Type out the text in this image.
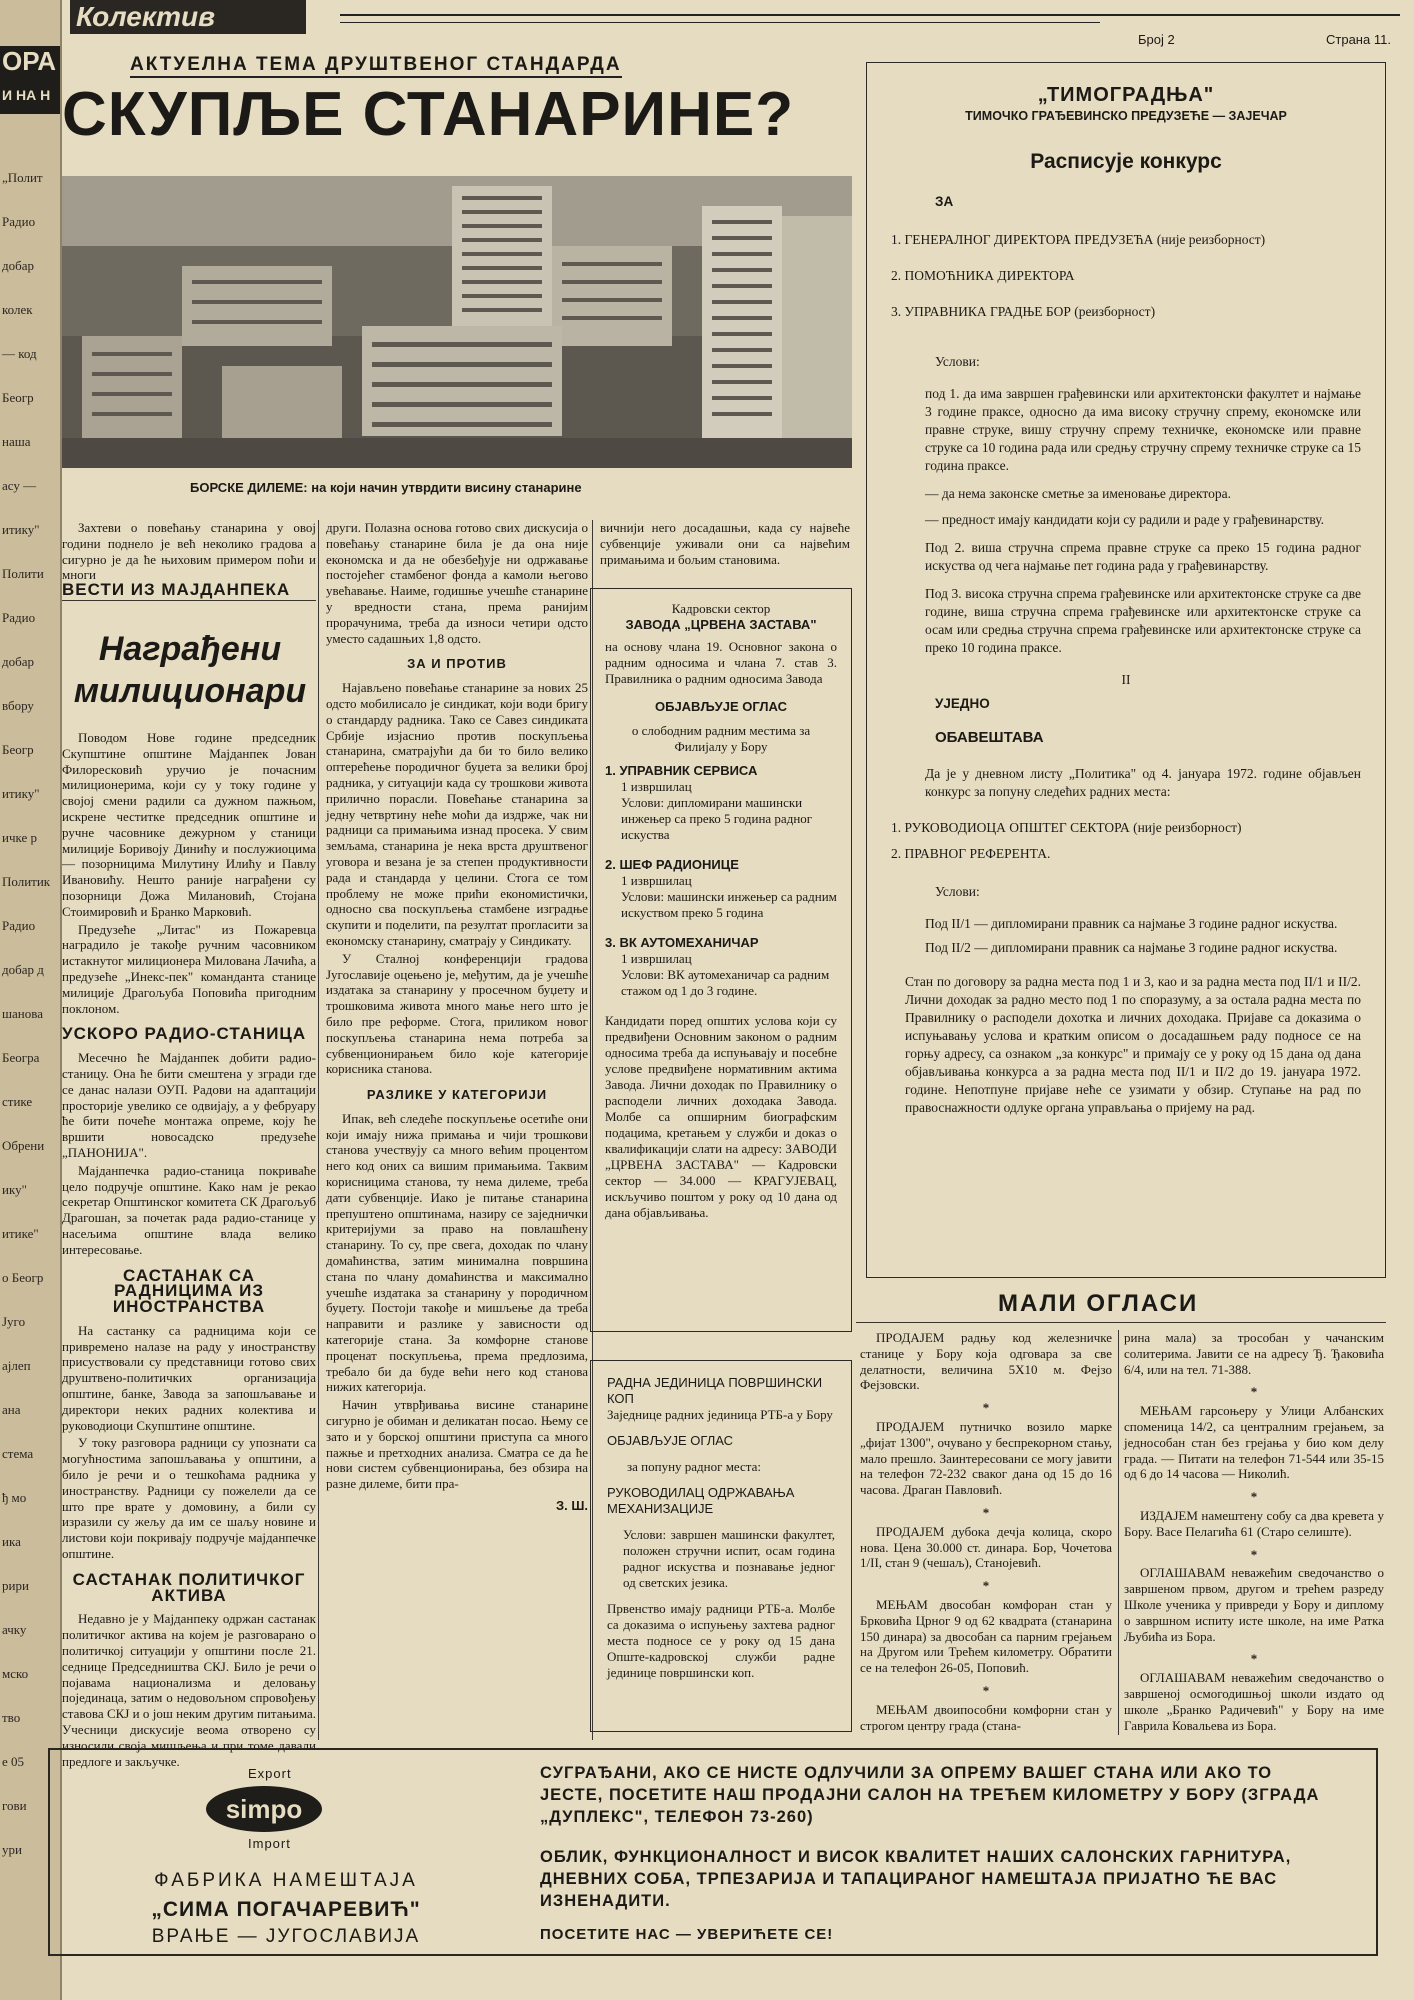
ОРА
И НА Н
„Полит
Радио
добар
колек
— код
Беогр
наша
асу —
итику"
Полити
Радио
добар
вбору
Беогр
итику"
ичке р
Политик
Радио
добар д
шанова
Београ
стике
Обрени
ику"
итике"
о Беогр
Југо
ајлеп
ана
стема
ђ мо
ика
рири
ачку
мско
тво
е 05
гови
ури
Колектив
Број 2	Страна 11.
АКТУЕЛНА ТЕМА ДРУШТВЕНОГ СТАНДАРДА
СКУПЉЕ СТАНАРИНЕ?
БОРСКЕ ДИЛЕМЕ: на који начин утврдити висину станарине
ВЕСТИ ИЗ МАЈДАНПЕКА
Награђени милиционари

Захтеви о повећању станарина у овој години поднело је већ неколико градова а сигурно је да ће њиховим примером поћи и многи

Поводом Нове године председник Скупштине општине Мајданпек Јован Филоресковић уручио је почасним милиционерима, који су у току године у својој смени радили са дужном пажњом, искрене честитке председник општине и ручне часовнике дежурном у станици милиције Боривоју Динићу и послужиоцима — позорницима Милутину Илићу и Павлу Ивановићу. Нешто раније награђени су позорници Дожа Милановић, Стојана Стоимировић и Бранко Марковић.

Предузеће „Литас" из Пожаревца наградило је такође ручним часовником истакнутог милиционера Милована Лачића, а предузеће „Инекс-пек" команданта станице милиције Драгољуба Поповића пригодним поклоном.

УСКОРО РАДИО-СТАНИЦА

Месечно ће Мајданпек добити радио-станицу. Она ће бити смештена у згради где се данас налази ОУП. Радови на адаптацији просторије увелико се одвијају, а у фебруару ће бити почеће монтажа опреме, коју ће вршити новосадско предузеће „ПАНОНИЈА".

Мајданпечка радио-станица покриваће цело подручје општине. Како нам је рекао секретар Општинског комитета СК Драгољуб Драгошан, за почетак рада радио-станице у насељима општине влада велико интересовање.

САСТАНАК СА РАДНИЦИМА ИЗ ИНОСТРАНСТВА

На састанку са радницима који се привремено налазе на раду у иностранству присуствовали су представници готово свих друштвено-политичких организација општине, банке, Завода за запошљавање и директори неких радних колектива и руководиоци Скупштине општине.

У току разговора радници су упознати са могућностима запошљавања у општини, а било је речи и о тешкоћама радника у иностранству. Радници су пожелели да се што пре врате у домовину, а били су изразили су жељу да им се шаљу новине и листови који покривају подручје мајданпечке општине.

САСТАНАК ПОЛИТИЧКОГ АКТИВА

Недавно је у Мајданпеку одржан састанак политичког актива на којем је разговарано о политичкој ситуацији у општини после 21. седнице Председништва СКЈ. Било је речи о појавама национализма и деловању појединаца, затим о недовољном спровођењу ставова СКЈ и о још неким другим питањима. Учесници дискусије веома отворено су износили своја мишљења и при томе давали предлоге и закључке.

други. Полазна основа готово свих дискусија о повећању станарине била је да она није економска и да не обезбеђује ни одржавање постојећег стамбеног фонда а камоли његово увећавање. Наиме, годишње учешће станарине у вредности стана, према ранијим прорачунима, треба да износи четири одсто уместо садашњих 1,8 одсто.

ЗА И ПРОТИВ

Најављено повећање станарине за нових 25 одсто мобилисало је синдикат, који води бригу о стандарду радника. Тако се Савез синдиката Србије изјаснио против поскупљења станарина, сматрајући да би то било велико оптерећење породичног буџета за велики број радника, у ситуацији када су трошкови живота прилично порасли. Повећање станарина за једну четвртину неће моћи да издрже, чак ни радници са примањима изнад просека. У свим земљама, станарина је нека врста друштвеног уговора и везана је за степен продуктивности рада и стандарда у целини. Стога се том проблему не може прићи економистички, односно сва поскупљења стамбене изградње скупити и поделити, па резултат прогласити за економску станарину, сматрају у Синдикату.

У Сталној конференцији градова Југославије оцењено је, међутим, да је учешће издатака за станарину у просечном буџету и трошковима живота много мање него што је било пре реформе. Стога, приликом новог поскупљења станарина нема потреба за субвенционирањем било које категорије корисника станова.

РАЗЛИКЕ У КАТЕГОРИЈИ

Ипак, већ следеће поскупљење осетиће они који имају нижа примања и чији трошкови станова учествују са много већим процентом него код оних са вишим примањима. Таквим корисницима станова, ту нема дилеме, треба дати субвенције. Иако је питање станарина препуштено општинама, назиру се заједнички критеријуми за право на повлашћену станарину. То су, пре свега, доходак по члану домаћинства, затим минимална површина стана по члану домаћинства и максимално учешће издатака за станарину у породичном буџету. Постоји такође и мишљење да треба направити и разлике у зависности од категорије стана. За комфорне станове проценат поскупљења, према предлозима, требало би да буде већи него код станова нижих категорија.

Начин утврђивања висине станарине сигурно је обиман и деликатан посао. Њему се зато и у борској општини приступа са много пажње и претходних анализа. Сматра се да ће нови систем субвенционирања, без обзира на разне дилеме, бити пра-

З. Ш.

вичнији него досадашњи, када су највеће субвенције уживали они са највећим примањима и бољим становима.

Кадровски сектор
ЗАВОДА „ЦРВЕНА ЗАСТАВА"
на основу члана 19. Основног закона о радним односима и члана 7. став 3. Правилника о радним односима Завода
ОБЈАВЉУЈЕ ОГЛАС
о слободним радним местима за Филијалу у Бору
1. УПРАВНИК СЕРВИСА
1 извршилац
Услови: дипломирани машински инжењер са преко 5 година радног искуства
2. ШЕФ РАДИОНИЦЕ
1 извршилац
Услови: машински инжењер са радним искуством преко 5 година
3. ВК АУТОМЕХАНИЧАР
1 извршилац
Услови: ВК аутомеханичар са радним стажом од 1 до 3 године.
Кандидати поред општих услова који су предвиђени Основним законом о радним односима треба да испуњавају и посебне услове предвиђене нормативним актима Завода. Лични доходак по Правилнику о расподели личних доходака Завода. Молбе са опширним биографским подацима, кретањем у служби и доказ о квалификацији слати на адресу: ЗАВОДИ „ЦРВЕНА ЗАСТАВА" — Кадровски сектор — 34.000 — КРАГУЈЕВАЦ, искључиво поштом у року од 10 дана од дана објављивања.
РАДНА ЈЕДИНИЦА ПОВРШИНСКИ КОП
Заједнице радних јединица РТБ-а у Бору
ОБЈАВЉУЈЕ ОГЛАС
за попуну радног места:
РУКОВОДИЛАЦ ОДРЖАВАЊА МЕХАНИЗАЦИЈЕ
Услови: завршен машински факултет, положен стручни испит, осам година радног искуства и познавање једног од светских језика.
Првенство имају радници РТБ-а. Молбе са доказима о испуњењу захтева радног места подносе се у року од 15 дана Опште-кадровској служби радне јединице површински коп.
„ТИМОГРАДЊА"
ТИМОЧКО ГРАЂЕВИНСКО ПРЕДУЗЕЋЕ — ЗАЈЕЧАР
Расписује конкурс
ЗА
1. ГЕНЕРАЛНОГ ДИРЕКТОРА ПРЕДУЗЕЋА (није реизборност)
2. ПОМОЋНИКА ДИРЕКТОРА
3. УПРАВНИКА ГРАДЊЕ БОР (реизборност)
Услови:
под 1. да има завршен грађевински или архитектонски факултет и најмање 3 године праксе, односно да има високу стручну спрему, економске или правне струке, вишу стручну спрему техничке, економске или правне струке са 10 година рада или средњу стручну спрему техничке струке са 15 година праксе.
— да нема законске сметње за именовање директора.
— предност имају кандидати који су радили и раде у грађевинарству.
Под 2. виша стручна спрема правне струке са преко 15 година радног искуства од чега најмање пет година рада у грађевинарству.
Под 3. висока стручна спрема грађевинске или архитектонске струке са две године, виша стручна спрема грађевинске или архитектонске струке са осам или средња стручна спрема грађевинске или архитектонске струке са преко 10 година праксе.
II
УЈЕДНО
ОБАВЕШТАВА
Да је у дневном листу „Политика" од 4. јануара 1972. године објављен конкурс за попуну следећих радних места:
1. РУКОВОДИОЦА ОПШТЕГ СЕКТОРА (није реизборност)
2. ПРАВНОГ РЕФЕРЕНТА.
Услови:
Под II/1 — дипломирани правник са најмање 3 године радног искуства.
Под II/2 — дипломирани правник са најмање 3 године радног искуства.
Стан по договору за радна места под 1 и 3, као и за радна места под II/1 и II/2. Лични доходак за радно место под 1 по споразуму, а за остала радна места по Правилнику о расподели дохотка и личних доходака. Пријаве са доказима о испуњавању услова и кратким описом о досадашњем раду подносе се на горњу адресу, са ознаком „за конкурс" и примају се у року од 15 дана од дана објављивања конкурса а за радна места под II/1 и II/2 до 19. јануара 1972. године. Непотпуне пријаве неће се узимати у обзир. Ступање на рад по правоснажности одлуке органа управљања о пријему на рад.
МАЛИ ОГЛАСИ

ПРОДАЈЕМ радњу код железничке станице у Бору која одговара за све делатности, величина 5Х10 м. Фејзо Фејзовски.

*

ПРОДАЈЕМ путничко возило марке „фијат 1300", очувано у беспрекорном стању, мало прешло. Заинтересовани се могу јавити на телефон 72-232 сваког дана од 15 до 16 часова. Драган Павловић.

*

ПРОДАЈЕМ дубока дечја колица, скоро нова. Цена 30.000 ст. динара. Бор, Чочетова 1/II, стан 9 (чешаљ), Станојевић.

*

МЕЊАМ двособан комфоран стан у Брковића Црног 9 од 62 квадрата (станарина 150 динара) за двособан са парним грејањем на Другом или Трећем километру. Обратити се на телефон 26-05, Поповић.

*

МЕЊАМ двоипособни комфорни стан у строгом центру града (стана-

рина мала) за трособан у чачанским солитерима. Јавити се на адресу Ђ. Ђаковића 6/4, или на тел. 71-388.

*

МЕЊАМ гарсоњеру у Улици Албанских споменица 14/2, са централним грејањем, за једнособан стан без грејања у био ком делу града. — Питати на телефон 71-544 или 35-15 од 6 до 14 часова — Николић.

*

ИЗДАЈЕМ намештену собу са два кревета у Бору. Васе Пелагића 61 (Старо селиште).

*

ОГЛАШАВАМ неважећим сведочанство о завршеном првом, другом и трећем разреду Школе ученика у привреди у Бору и диплому о завршном испиту исте школе, на име Ратка Љубића из Бора.

*

ОГЛАШАВАМ неважећим сведочанство о завршеној осмогодишњој школи издато од школе „Бранко Радичевић" у Бору на име Гаврила Ковальева из Бора.

Export
simpo
Import
ФАБРИКА НАМЕШТАЈА
„СИМА ПОГАЧАРЕВИЋ"
ВРАЊЕ — ЈУГОСЛАВИЈА
СУГРАЂАНИ, АКО СЕ НИСТЕ ОДЛУЧИЛИ ЗА ОПРЕМУ ВАШЕГ СТАНА ИЛИ АКО ТО ЈЕСТЕ, ПОСЕТИТЕ НАШ ПРОДАЈНИ САЛОН НА ТРЕЋЕМ КИЛОМЕТРУ У БОРУ (ЗГРАДА „ДУПЛЕКС", ТЕЛЕФОН 73-260)
ОБЛИК, ФУНКЦИОНАЛНОСТ И ВИСОК КВАЛИТЕТ НАШИХ САЛОНСКИХ ГАРНИТУРА, ДНЕВНИХ СОБА, ТРПЕЗАРИЈА И ТАПАЦИРАНОГ НАМЕШТАЈА ПРИЈАТНО ЋЕ ВАС ИЗНЕНАДИТИ.
ПОСЕТИТЕ НАС — УВЕРИЋЕТЕ СЕ!
